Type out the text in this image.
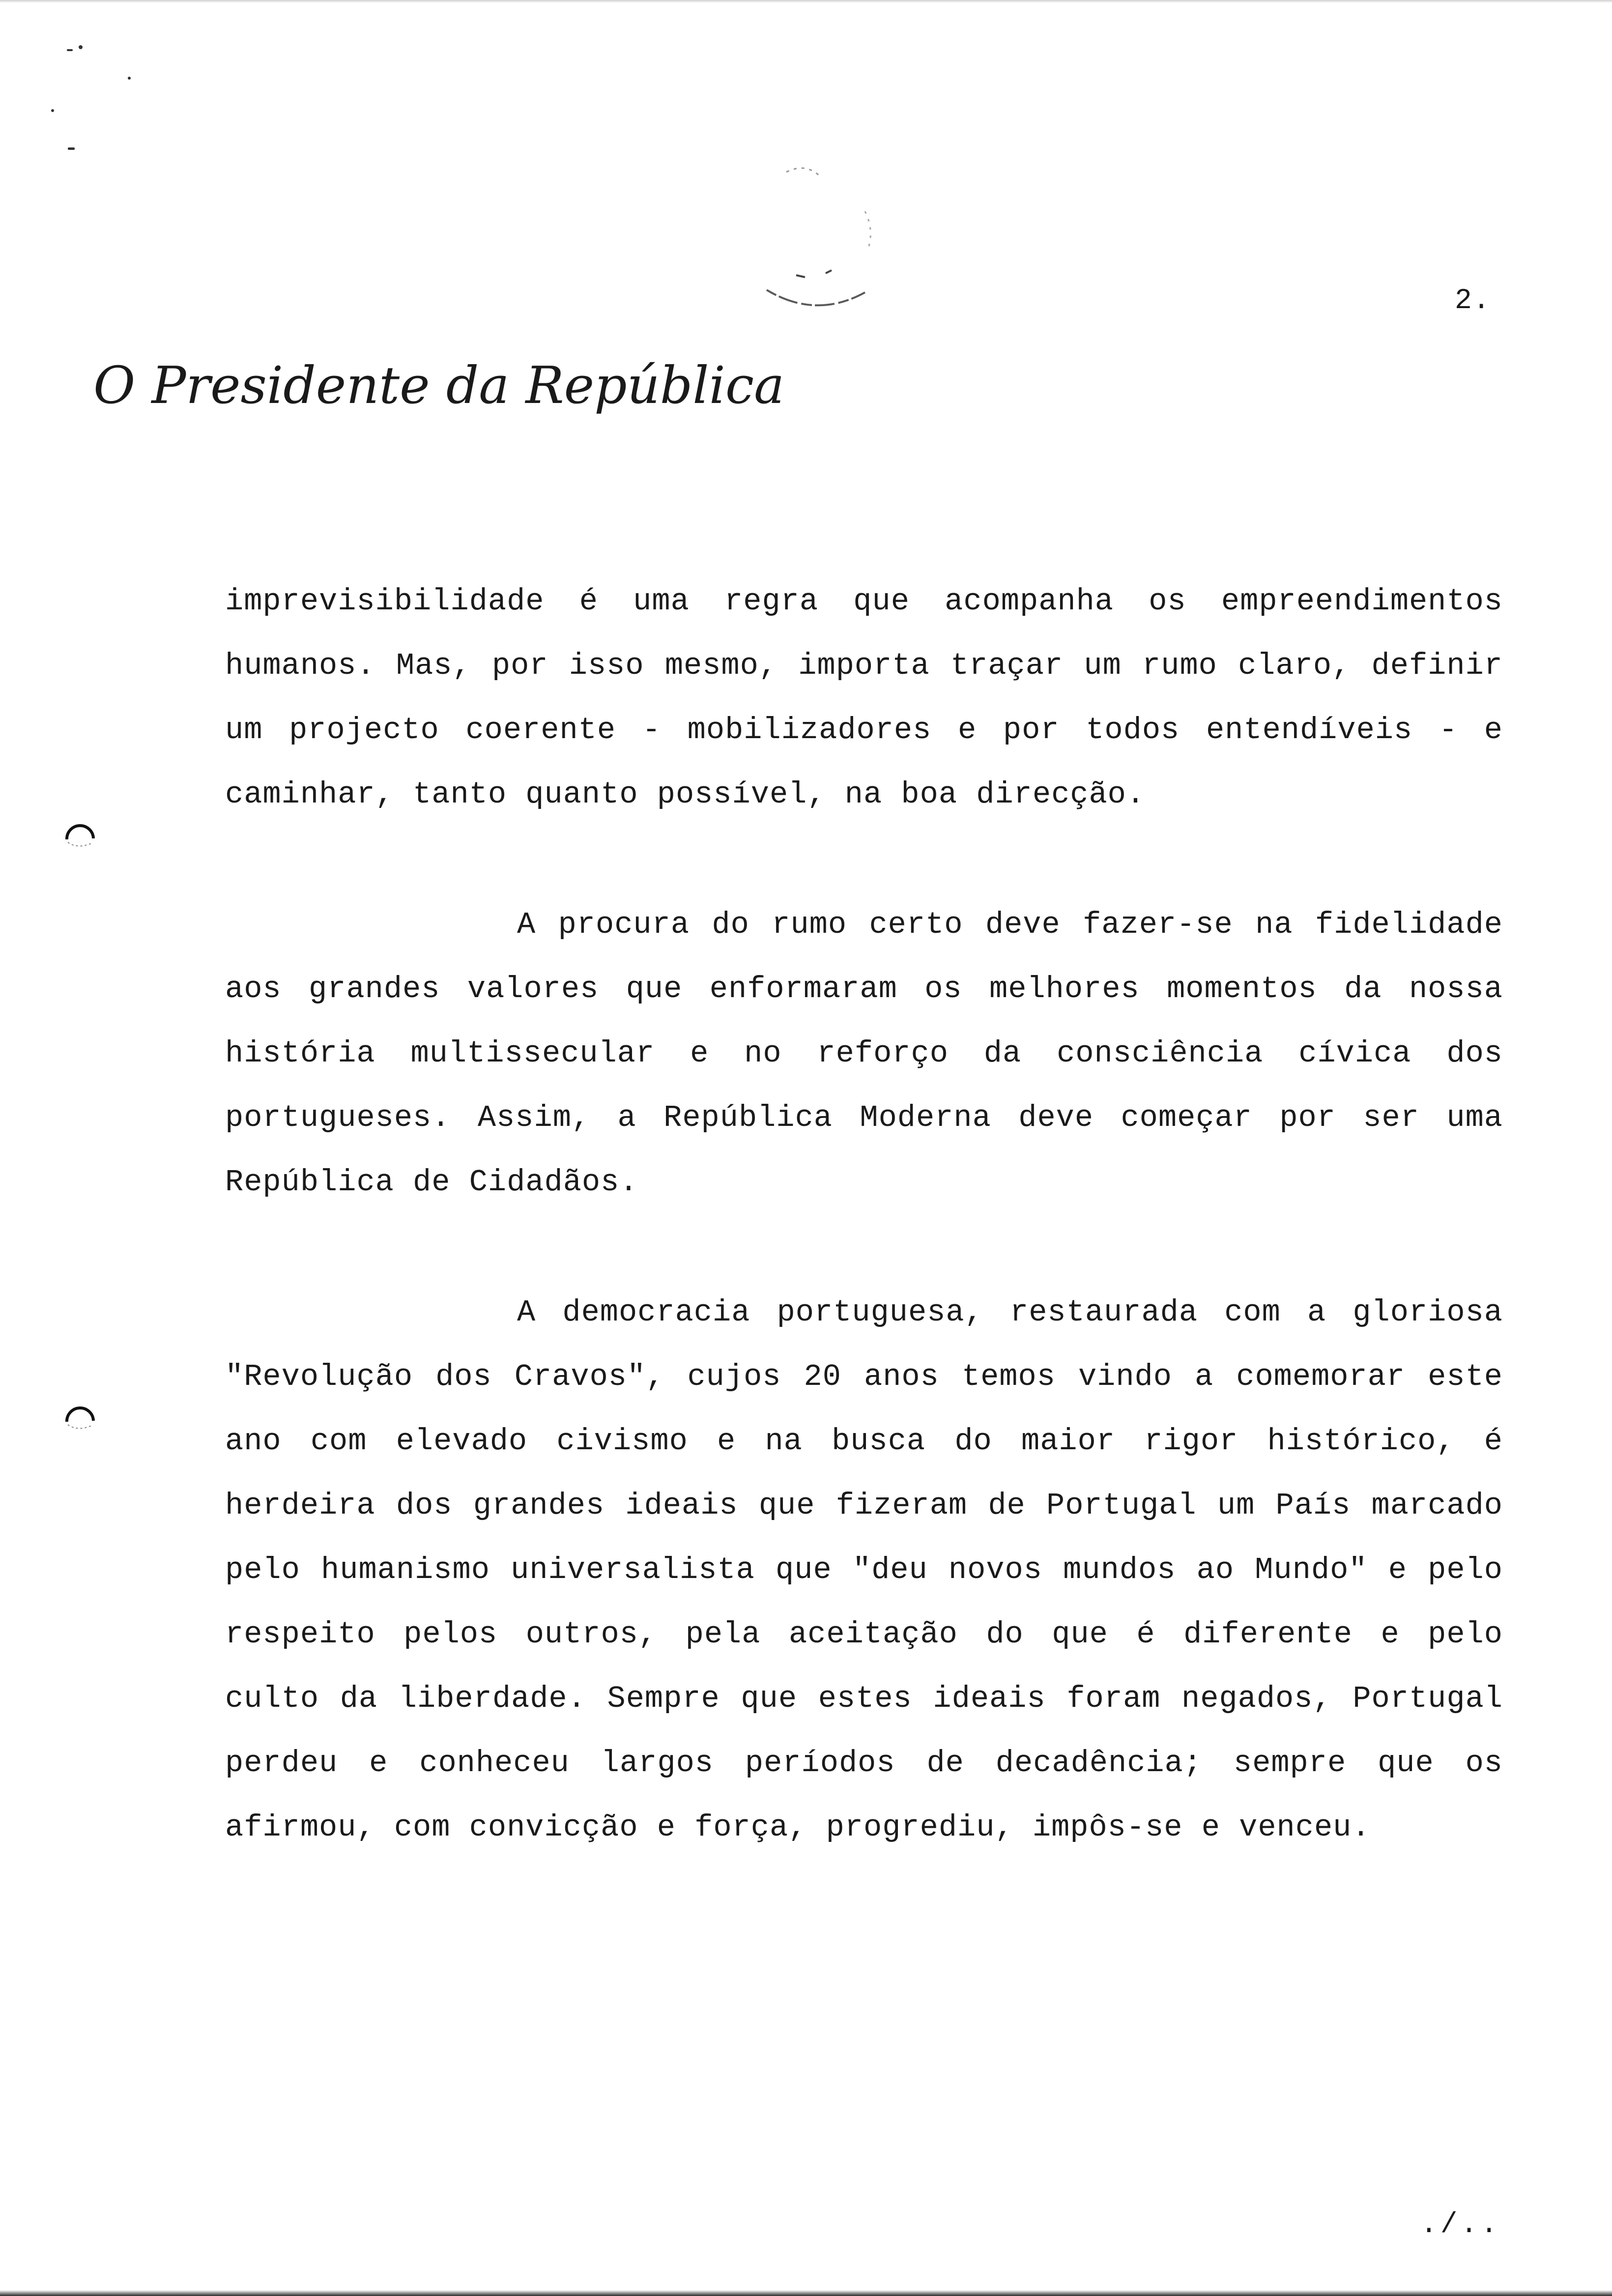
2.
O Presidente da República

imprevisibilidade é uma regra que acompanha os empreendimentos humanos. Mas, por isso mesmo, importa traçar um rumo claro, definir um projecto coerente - mobilizadores e por todos entendíveis - e caminhar, tanto quanto possível, na boa direcção.

A procura do rumo certo deve fazer-se na fidelidade aos grandes valores que enformaram os melhores momentos da nossa história multissecular e no reforço da consciência cívica dos portugueses. Assim, a República Moderna deve começar por ser uma República de Cidadãos.

A democracia portuguesa, restaurada com a gloriosa "Revolução dos Cravos", cujos 20 anos temos vindo a comemorar este ano com elevado civismo e na busca do maior rigor histórico, é herdeira dos grandes ideais que fizeram de Portugal um País marcado pelo humanismo universalista que "deu novos mundos ao Mundo" e pelo respeito pelos outros, pela aceitação do que é diferente e pelo culto da liberdade. Sempre que estes ideais foram negados, Portugal perdeu e conheceu largos períodos de decadência; sempre que os afirmou, com convicção e força, progrediu, impôs-se e venceu.

./..
